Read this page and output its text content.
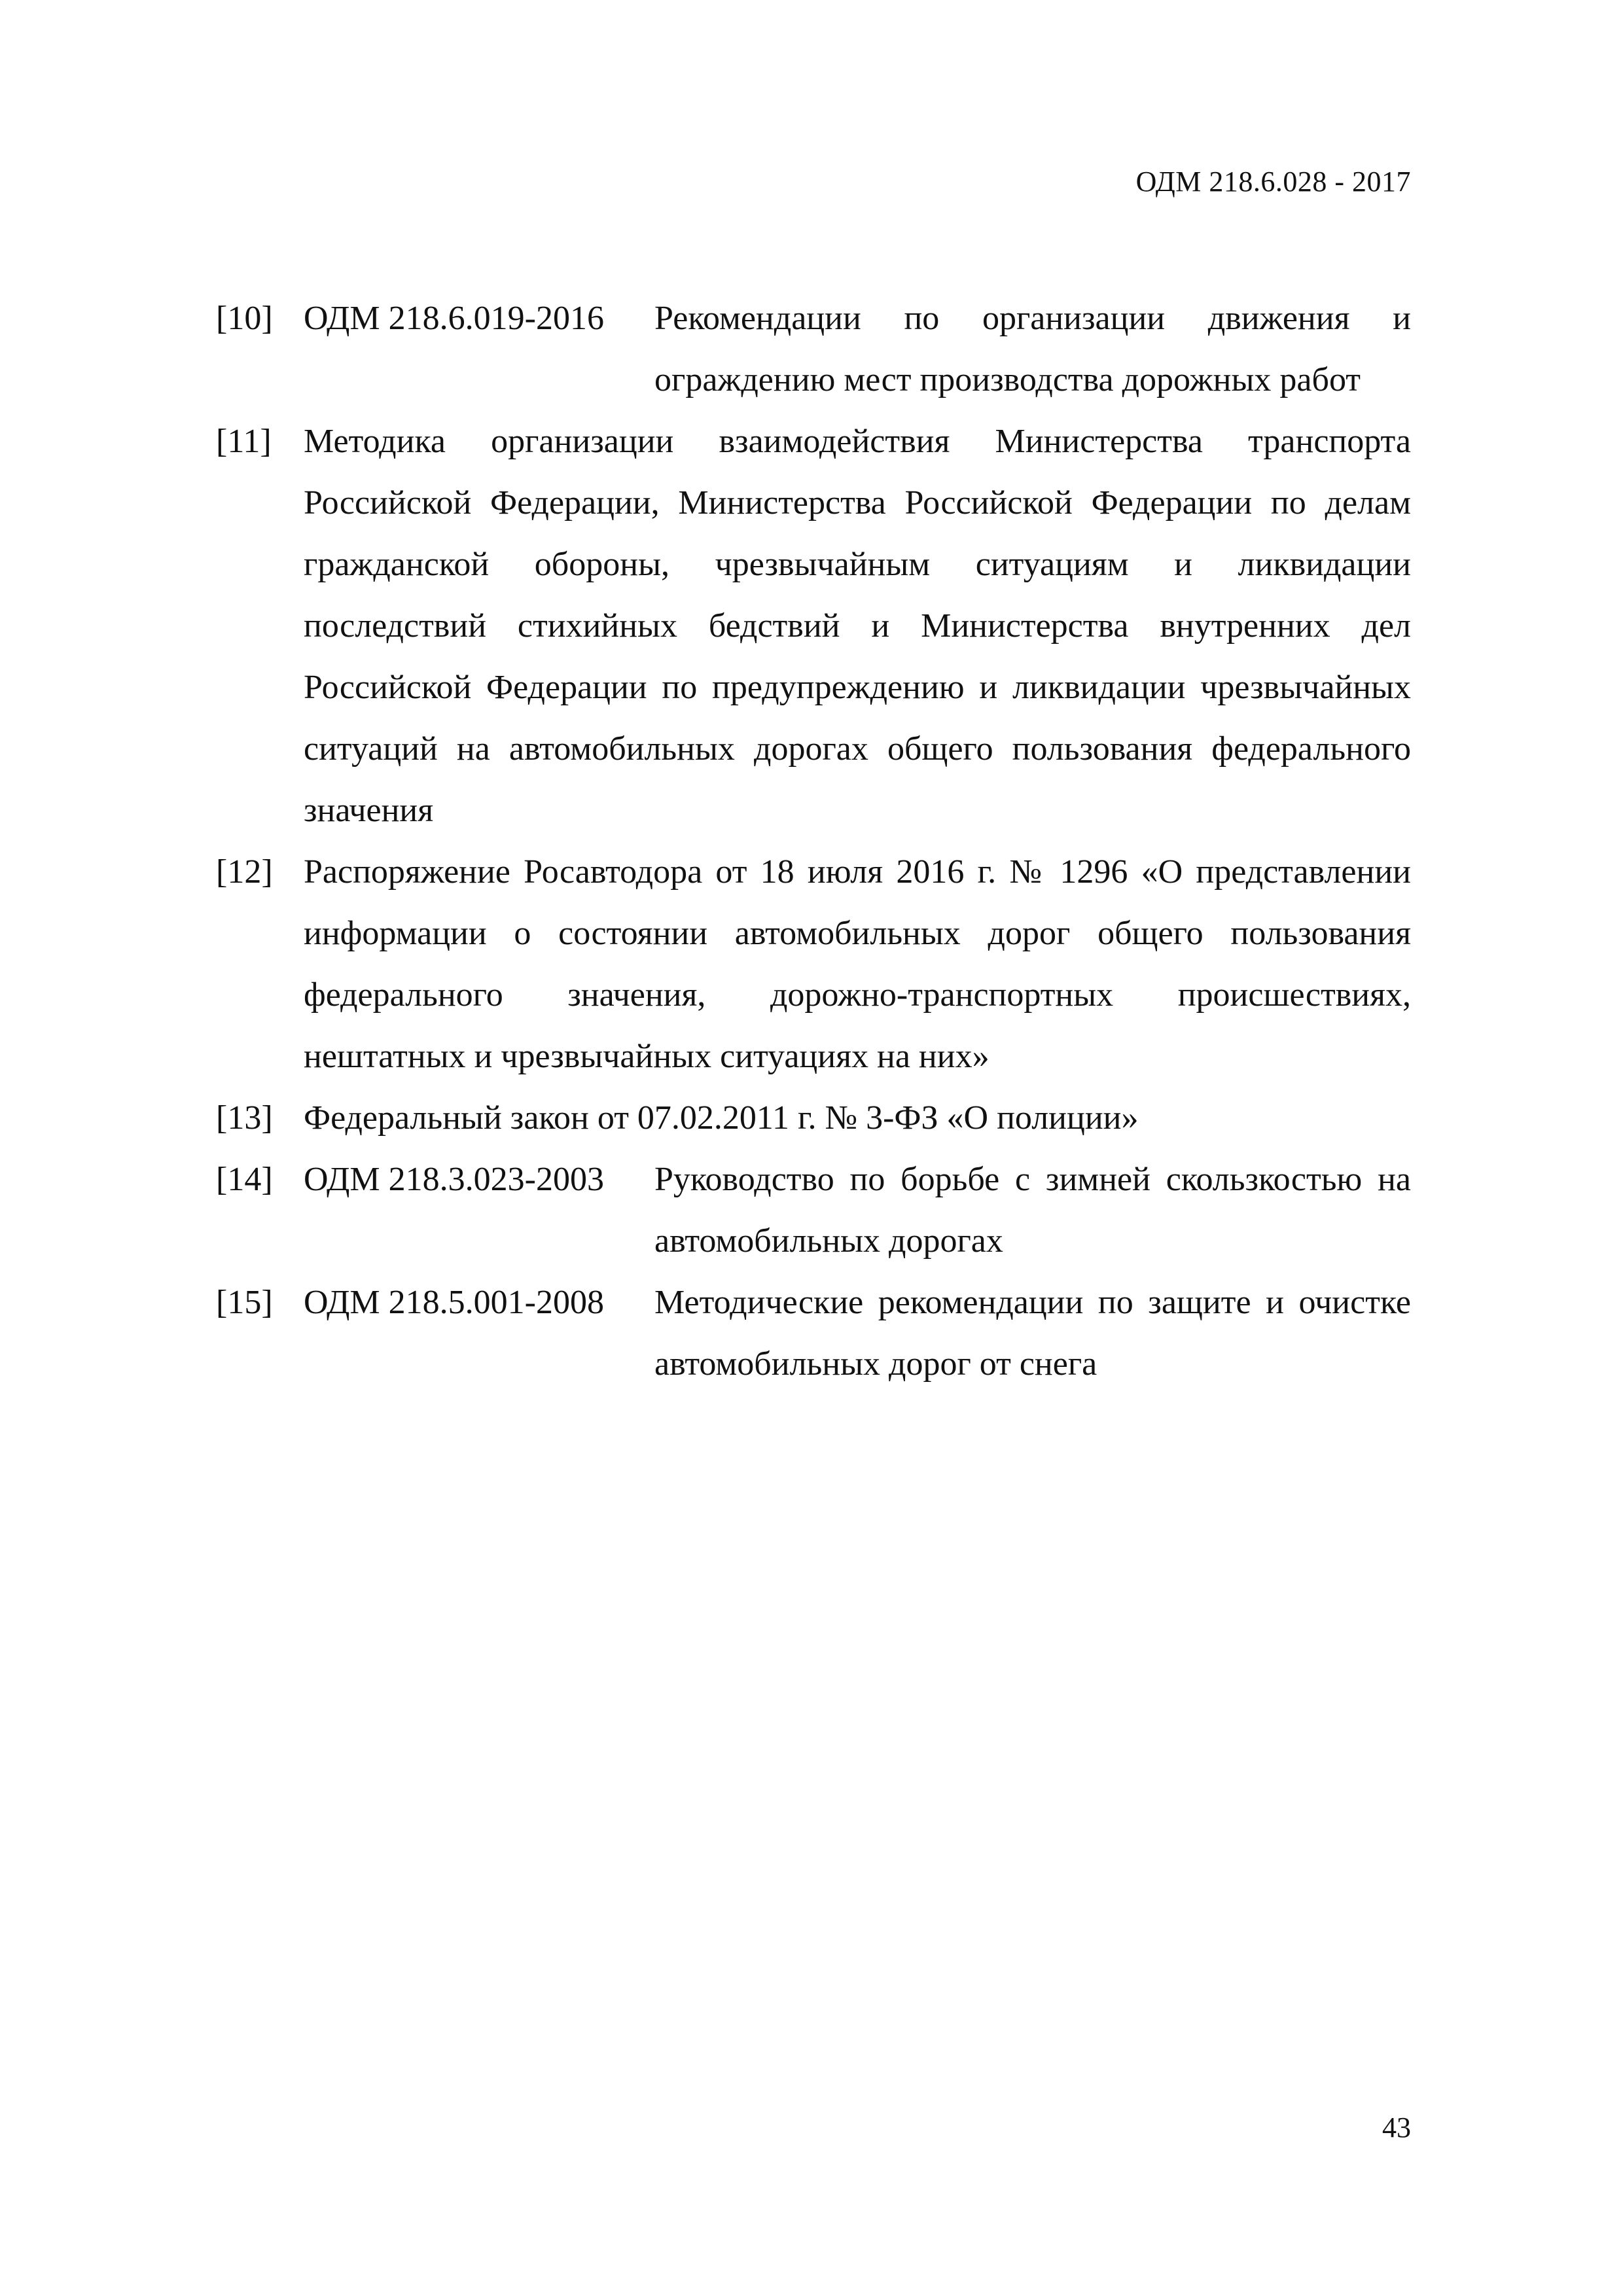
ОДМ 218.6.028 - 2017
[10] ОДМ 218.6.019-2016	Рекомендации по организации движения и ограждению мест производства дорожных работ
[11] Методика организации взаимодействия Министерства транспорта Российской Федерации, Министерства Российской Федерации по делам гражданской обороны, чрезвычайным ситуациям и ликвидации последствий стихийных бедствий и Министерства внутренних дел Российской Федерации по предупреждению и ликвидации чрезвычайных ситуаций на автомобильных дорогах общего пользования федерального значения
[12] Распоряжение Росавтодора от 18 июля 2016 г. № 1296 «О представлении информации о состоянии автомобильных дорог общего пользования федерального значения, дорожно-транспортных происшествиях, нештатных и чрезвычайных ситуациях на них»
[13] Федеральный закон от 07.02.2011 г. № 3-ФЗ «О полиции»
[14] ОДМ 218.3.023-2003	Руководство по борьбе с зимней скользкостью на автомобильных дорогах
[15] ОДМ 218.5.001-2008	Методические рекомендации по защите и очистке автомобильных дорог от снега
43
